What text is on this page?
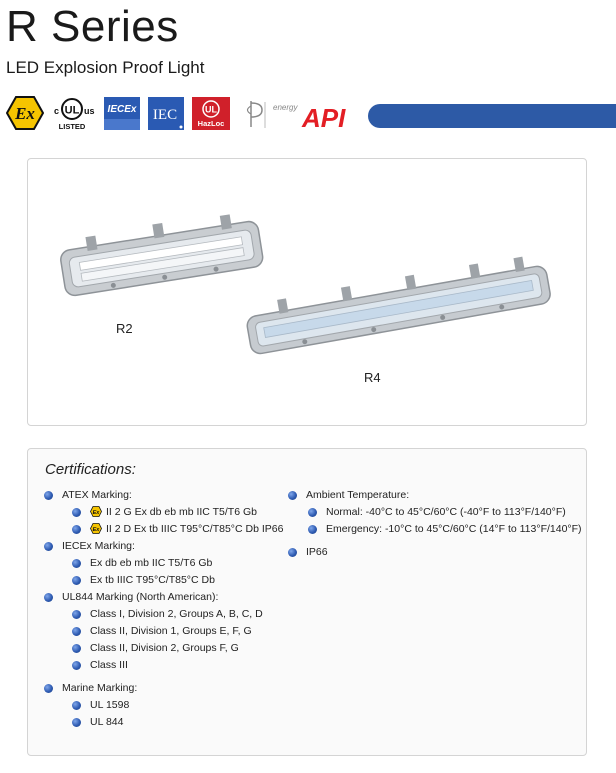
R Series
LED Explosion Proof Light
Ex c UL us
LISTED
IECEx IEC	UL
HazLoc
energy API
R2
R4
Certifications:
ATEX Marking:
Ex II 2 G Ex db eb mb IIC T5/T6 Gb
Ex II 2 D Ex tb IIIC T95°C/T85°C Db IP66
IECEx Marking:
Ex db eb mb IIC T5/T6 Gb
Ex tb IIIC T95°C/T85°C Db
UL844 Marking (North American):
Class I, Division 2, Groups A, B, C, D
Class II, Division 1, Groups E, F, G
Class II, Division 2, Groups F, G
Class III
Marine Marking:
UL 1598
UL 844
Ambient Temperature:
Normal: -40°C to 45°C/60°C (-40°F to 113°F/140°F)
Emergency: -10°C to 45°C/60°C (14°F to 113°F/140°F)
IP66
